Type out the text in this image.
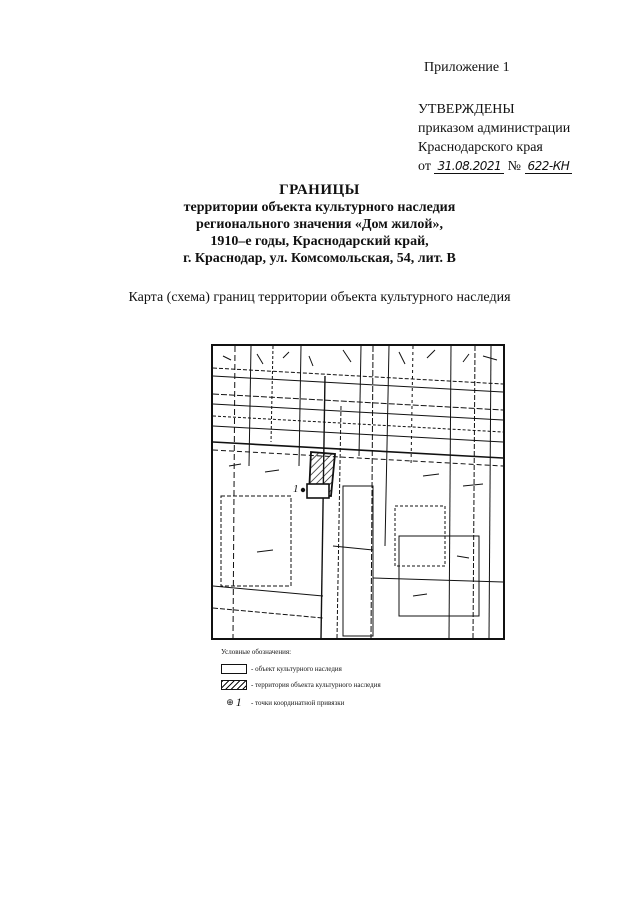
Приложение 1
УТВЕРЖДЕНЫ
приказом администрации
Краснодарского края
от 31.08.2021 № 622-КН
ГРАНИЦЫ
территории объекта культурного наследия
регионального значения «Дом жилой»,
1910–е годы, Краснодарский край,
г. Краснодар, ул. Комсомольская, 54, лит. В
Карта (схема) границ территории объекта культурного наследия
1
Условные обозначения:
- объект культурного наследия
- территория объекта культурного наследия
⊕ 1 - точки координатной привязки
